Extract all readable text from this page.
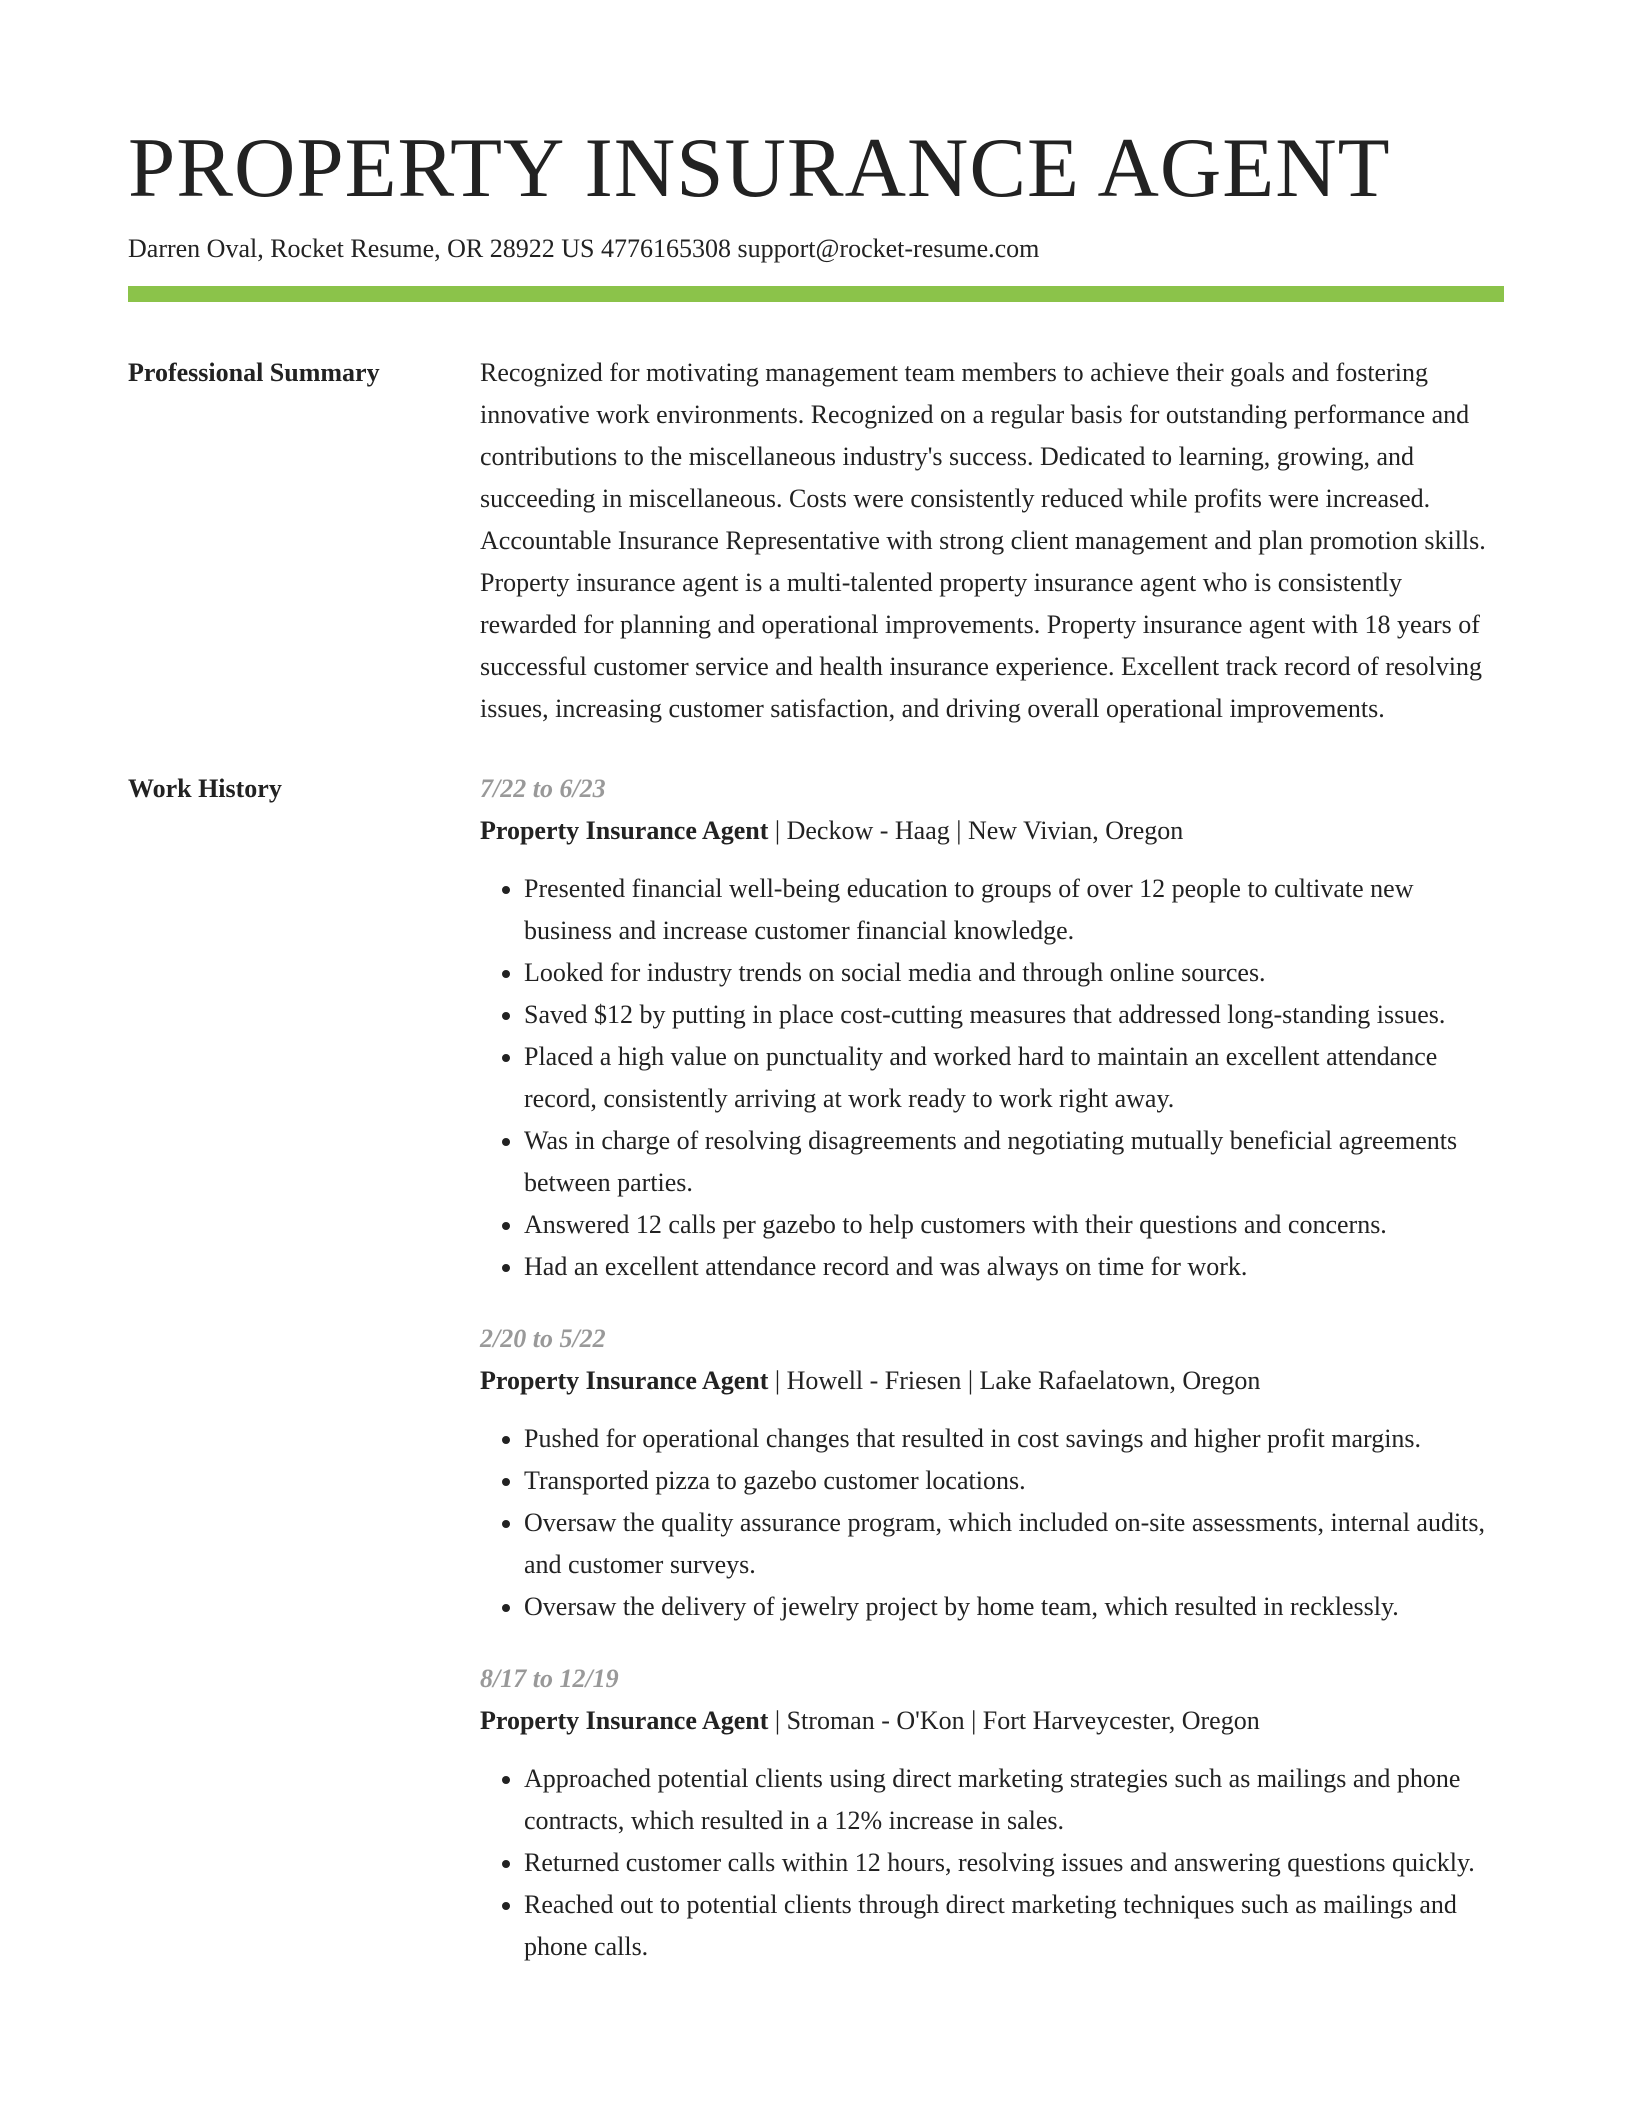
PROPERTY INSURANCE AGENT
Darren Oval, Rocket Resume, OR 28922 US 4776165308 support@rocket-resume.com
Professional Summary	Recognized for motivating management team members to achieve their goals and fostering innovative work environments. Recognized on a regular basis for outstanding performance and contributions to the miscellaneous industry's success. Dedicated to learning, growing, and succeeding in miscellaneous. Costs were consistently reduced while profits were increased. Accountable Insurance Representative with strong client management and plan promotion skills. Property insurance agent is a multi-talented property insurance agent who is consistently rewarded for planning and operational improvements. Property insurance agent with 18 years of successful customer service and health insurance experience. Excellent track record of resolving issues, increasing customer satisfaction, and driving overall operational improvements.

Work History	7/22 to 6/23
Property Insurance Agent | Deckow - Haag | New Vivian, Oregon
• Presented financial well-being education to groups of over 12 people to cultivate new business and increase customer financial knowledge.
• Looked for industry trends on social media and through online sources.
• Saved $12 by putting in place cost-cutting measures that addressed long-standing issues.
• Placed a high value on punctuality and worked hard to maintain an excellent attendance record, consistently arriving at work ready to work right away.
• Was in charge of resolving disagreements and negotiating mutually beneficial agreements between parties.
• Answered 12 calls per gazebo to help customers with their questions and concerns.
• Had an excellent attendance record and was always on time for work.
2/20 to 5/22
Property Insurance Agent | Howell - Friesen | Lake Rafaelatown, Oregon
• Pushed for operational changes that resulted in cost savings and higher profit margins.
• Transported pizza to gazebo customer locations.
• Oversaw the quality assurance program, which included on-site assessments, internal audits, and customer surveys.
• Oversaw the delivery of jewelry project by home team, which resulted in recklessly.
8/17 to 12/19
Property Insurance Agent | Stroman - O'Kon | Fort Harveycester, Oregon
• Approached potential clients using direct marketing strategies such as mailings and phone contracts, which resulted in a 12% increase in sales.
• Returned customer calls within 12 hours, resolving issues and answering questions quickly.
• Reached out to potential clients through direct marketing techniques such as mailings and phone calls.
